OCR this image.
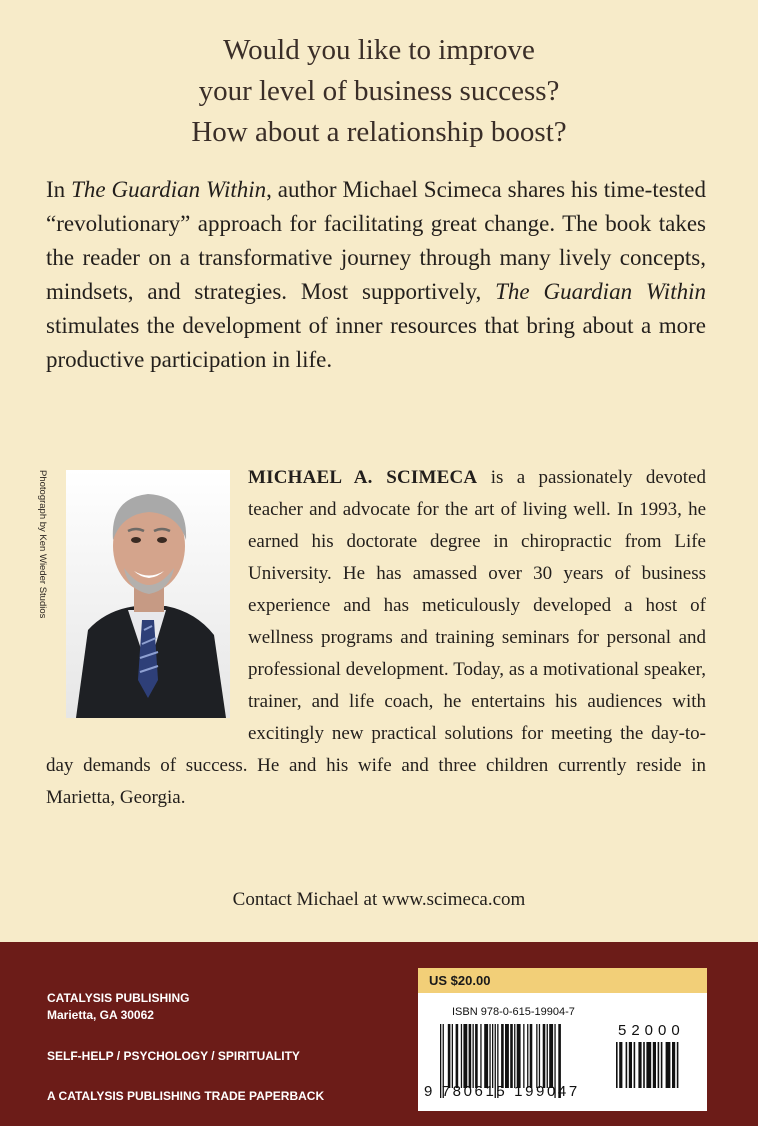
Would you like to improve
your level of business success?
How about a relationship boost?
In The Guardian Within, author Michael Scimeca shares his time-tested “revolutionary” approach for facilitating great change. The book takes the reader on a transformative journey through many lively concepts, mindsets, and strategies. Most supportively, The Guardian Within stimulates the development of inner resources that bring about a more productive participation in life.
Photograph by Ken Wieder Studios	MICHAEL A. SCIMECA is a passionately devoted teacher and advocate for the art of living well. In 1993, he earned his doctorate degree in chiropractic from Life University. He has amassed over 30 years of business experience and has meticulously developed a host of wellness programs and training seminars for personal and professional development. Today, as a motivational speaker, trainer, and life coach, he entertains his audiences with excitingly new practical solutions for meeting the day-to-day demands of success. He and his wife and three children currently reside in Marietta, Georgia.
Contact Michael at www.scimeca.com
CATALYSIS PUBLISHING
Marietta, GA 30062
SELF-HELP / PSYCHOLOGY / SPIRITUALITY
A CATALYSIS PUBLISHING TRADE PAPERBACK
US $20.00
ISBN 978-0-615-19904-7
52000
9 780615 199047
